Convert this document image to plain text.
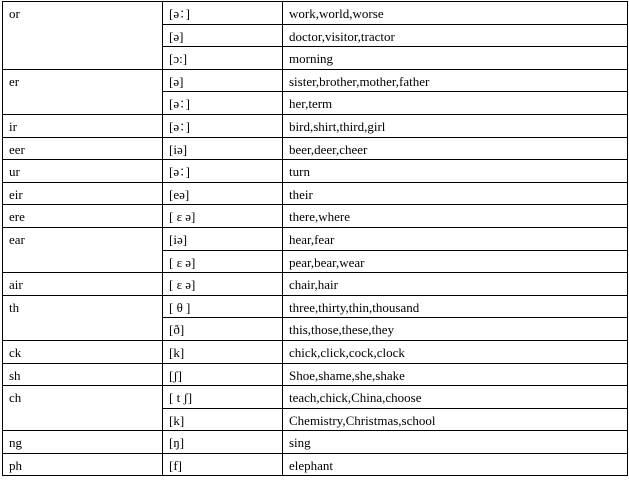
or	[ə：]	work,world,worse
	[ə]	doctor,visitor,tractor
	[ɔ:]	morning
er	[ə]	sister,brother,mother,father
	[ə：]	her,term
ir	[ə：]	bird,shirt,third,girl
eer	[iə]	beer,deer,cheer
ur	[ə：]	turn
eir	[eə]	their
ere	[ ɛ ə]	there,where
ear	[iə]	hear,fear
	[ ɛ ə]	pear,bear,wear
air	[ ɛ ə]	chair,hair
th	[ θ ]	three,thirty,thin,thousand
	[ð]	this,those,these,they
ck	[k]	chick,click,cock,clock
sh	[ʃ]	Shoe,shame,she,shake
ch	[ t ʃ]	teach,chick,China,choose
	[k]	Chemistry,Christmas,school
ng	[ŋ]	sing
ph	[f]	elephant
